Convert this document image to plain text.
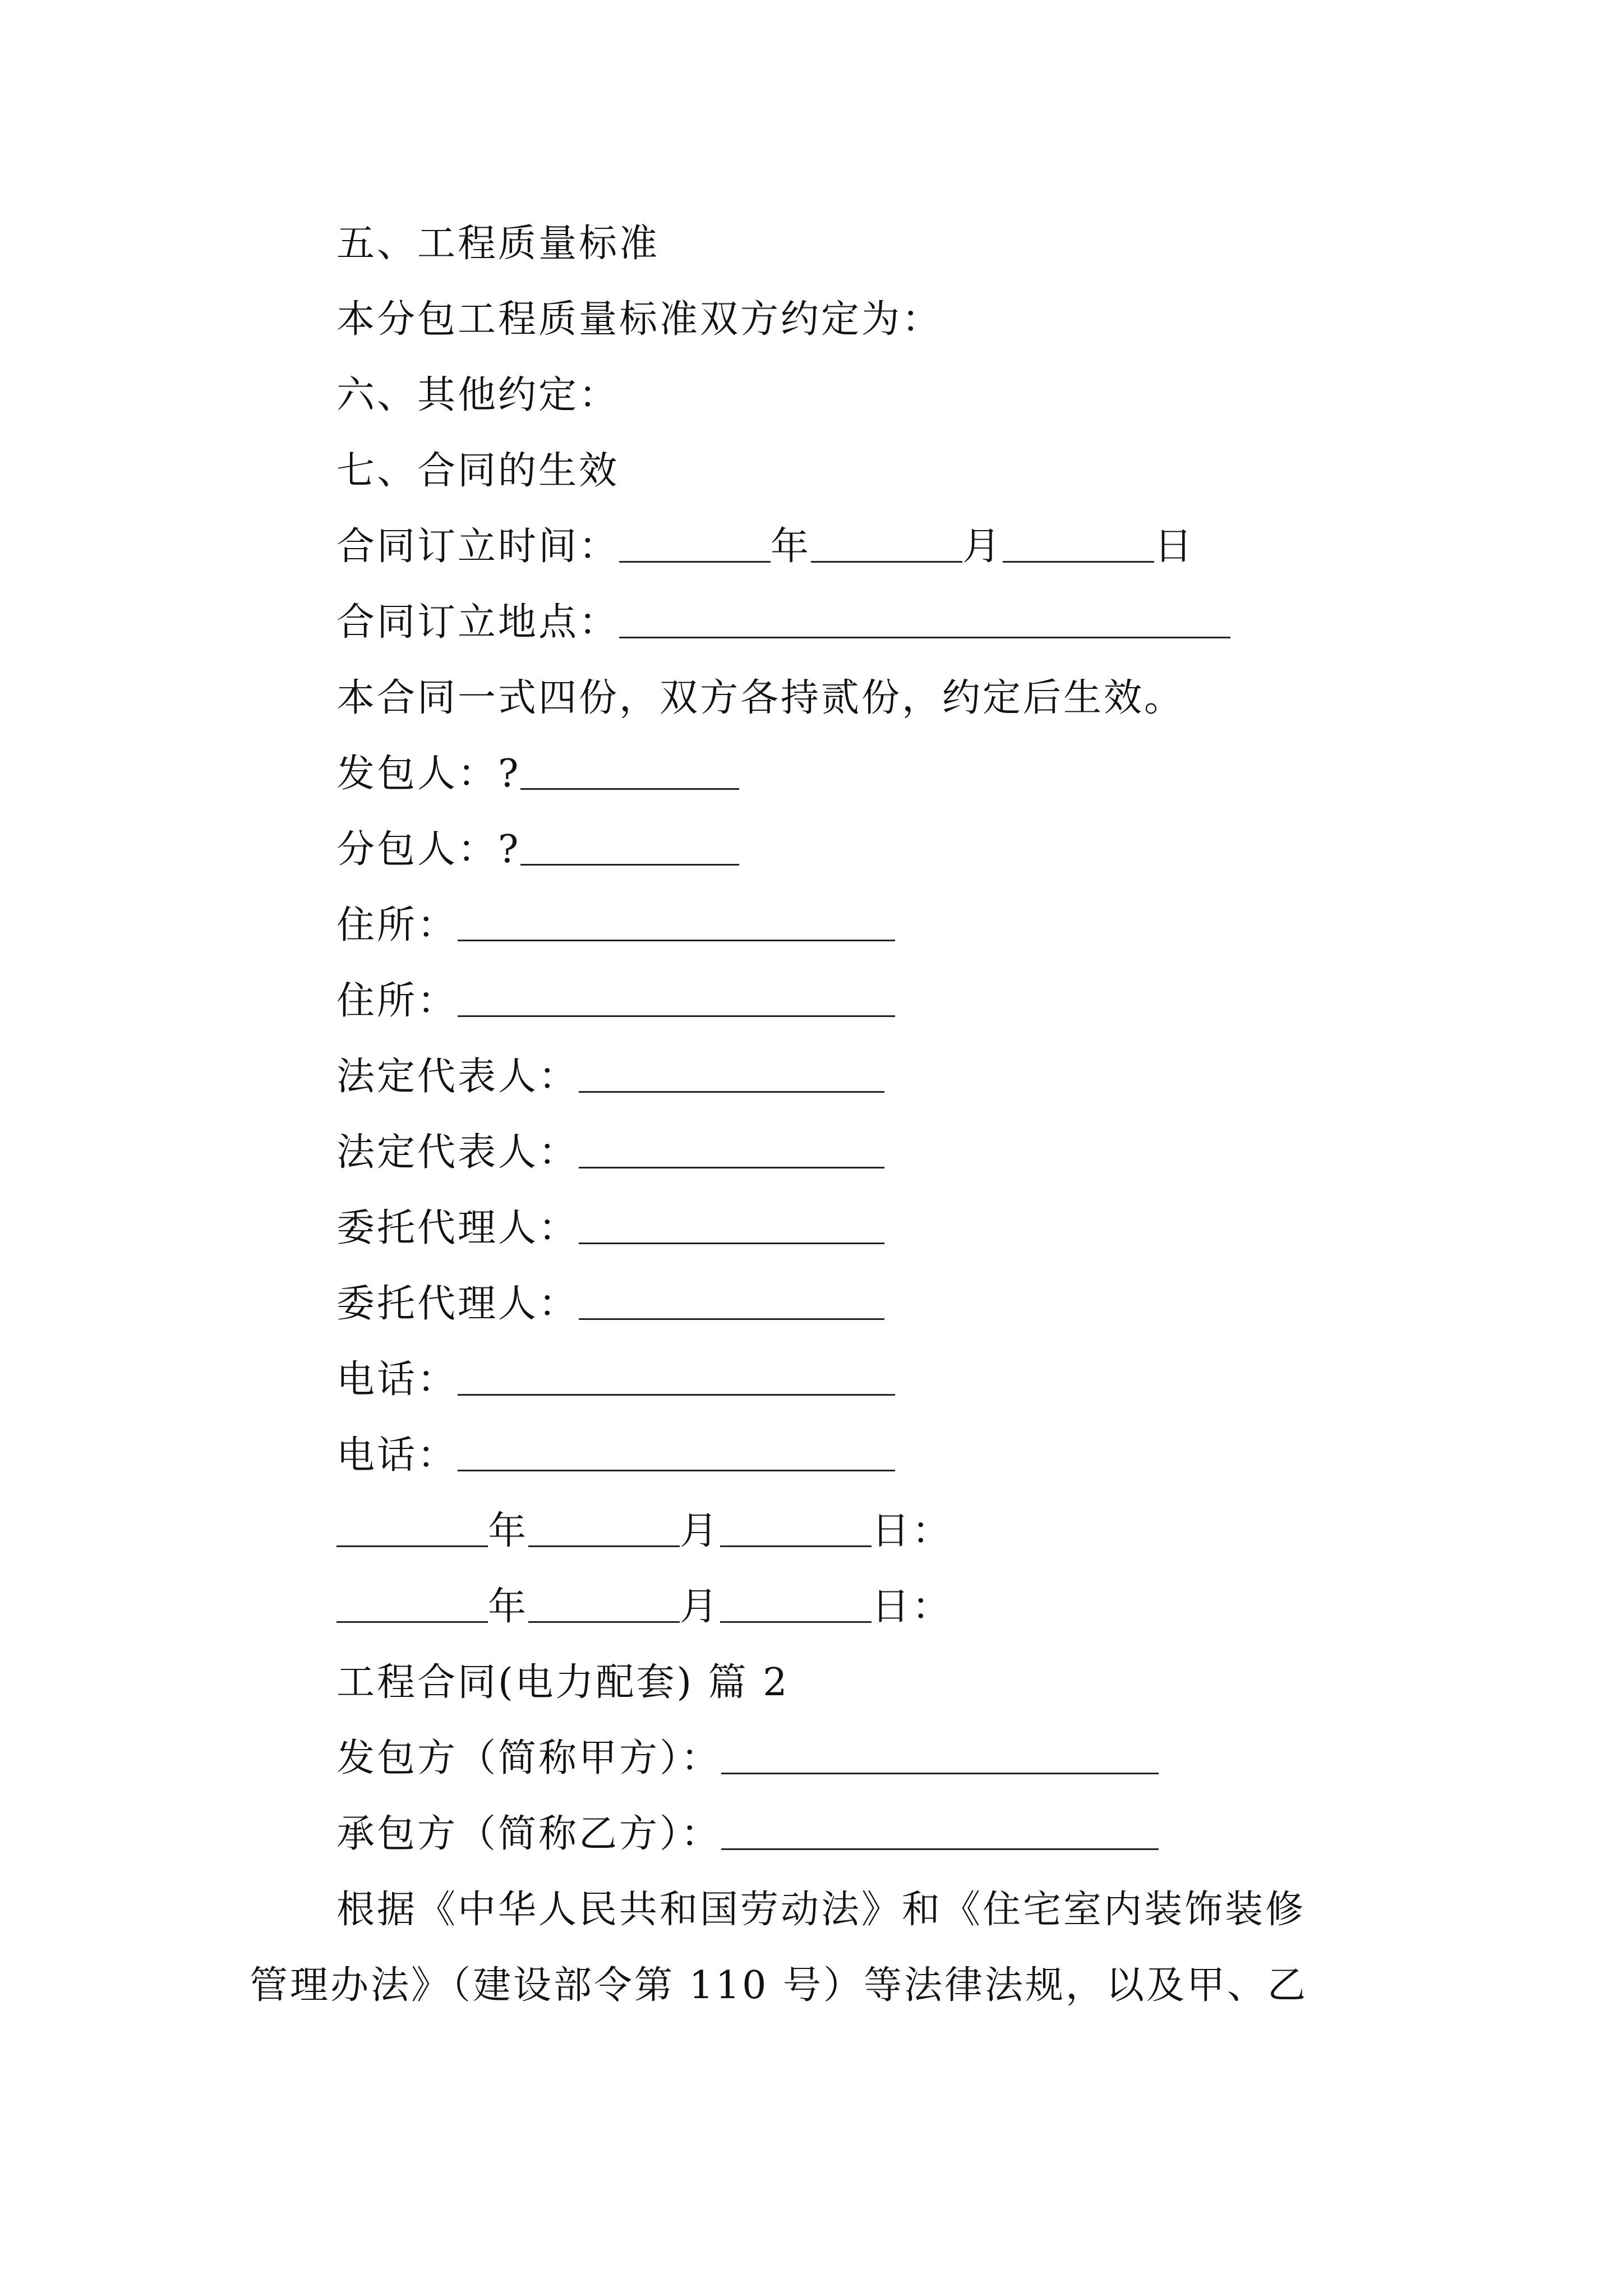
五、工程质量标准
本分包工程质量标准双方约定为：
六、其他约定：
七、合同的生效
合同订立时间：	年	月	日
合同订立地点：
本合同一式四份，双方各持贰份，约定后生效。
发包人：?
分包人：?
住所：
住所：
法定代表人：
法定代表人：
委托代理人：
委托代理人：
电话：
电话：
年	月	日：
年	月	日：
工程合同(电力配套) 篇 2
发包方（简称甲方）：
承包方（简称乙方）：
根据《中华人民共和国劳动法》和《住宅室内装饰装修
管理办法》（建设部令第 110 号）等法律法规，以及甲、乙
